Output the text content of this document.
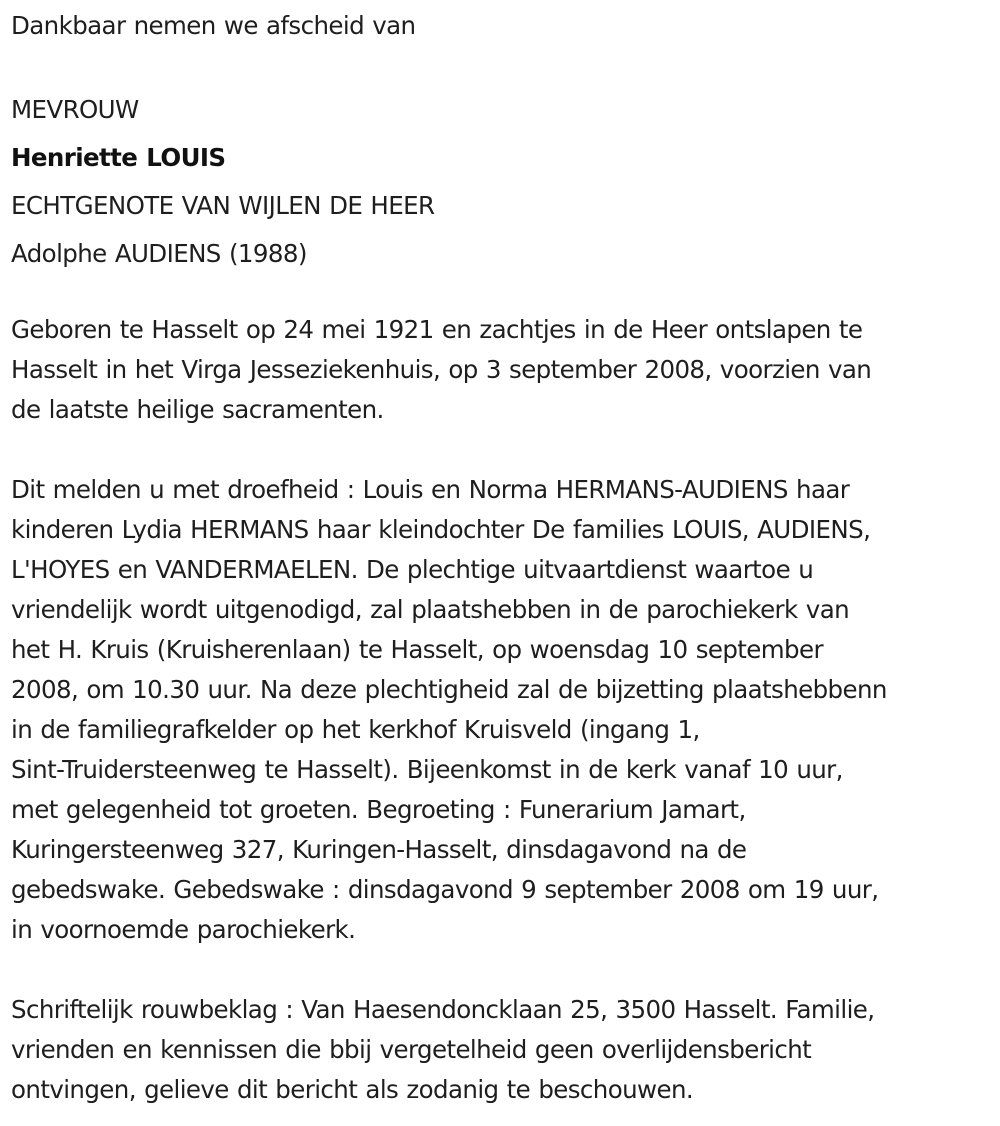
Dankbaar nemen we afscheid van

MEVROUW

Henriette LOUIS

ECHTGENOTE VAN WIJLEN DE HEER

Adolphe AUDIENS (1988)

Geboren te Hasselt op 24 mei 1921 en zachtjes in de Heer ontslapen te

Hasselt in het Virga Jesseziekenhuis, op 3 september 2008, voorzien van

de laatste heilige sacramenten.

Dit melden u met droefheid : Louis en Norma HERMANS-AUDIENS haar

kinderen Lydia HERMANS haar kleindochter De families LOUIS, AUDIENS,

L'HOYES en VANDERMAELEN. De plechtige uitvaartdienst waartoe u

vriendelijk wordt uitgenodigd, zal plaatshebben in de parochiekerk van

het H. Kruis (Kruisherenlaan) te Hasselt, op woensdag 10 september

2008, om 10.30 uur. Na deze plechtigheid zal de bijzetting plaatshebbenn

in de familiegrafkelder op het kerkhof Kruisveld (ingang 1,

Sint-Truidersteenweg te Hasselt). Bijeenkomst in de kerk vanaf 10 uur,

met gelegenheid tot groeten. Begroeting : Funerarium Jamart,

Kuringersteenweg 327, Kuringen-Hasselt, dinsdagavond na de

gebedswake. Gebedswake : dinsdagavond 9 september 2008 om 19 uur,

in voornoemde parochiekerk.

Schriftelijk rouwbeklag : Van Haesendoncklaan 25, 3500 Hasselt. Familie,

vrienden en kennissen die bbij vergetelheid geen overlijdensbericht

ontvingen, gelieve dit bericht als zodanig te beschouwen.
